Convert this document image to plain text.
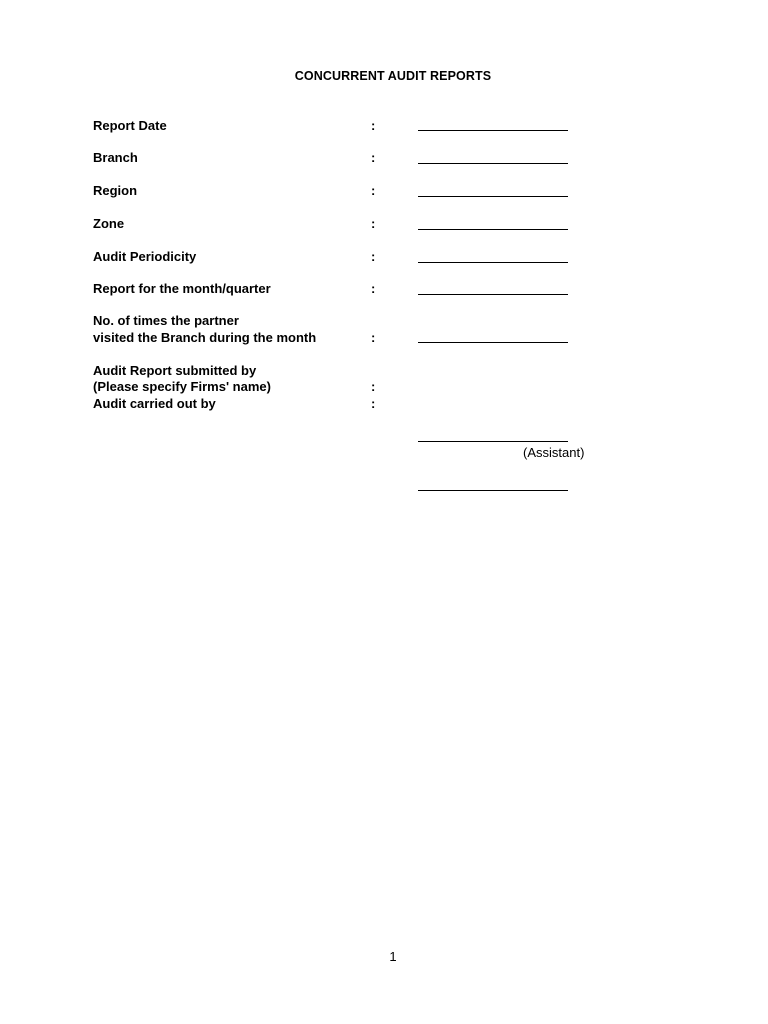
CONCURRENT AUDIT REPORTS
Report Date	:
Branch	:
Region	:
Zone	:
Audit Periodicity	:
Report for the month/quarter	:
No. of times the partner
visited the Branch during the month	:
Audit Report submitted by
(Please specify Firms' name)	:
Audit carried out by	:
(Assistant)
1
